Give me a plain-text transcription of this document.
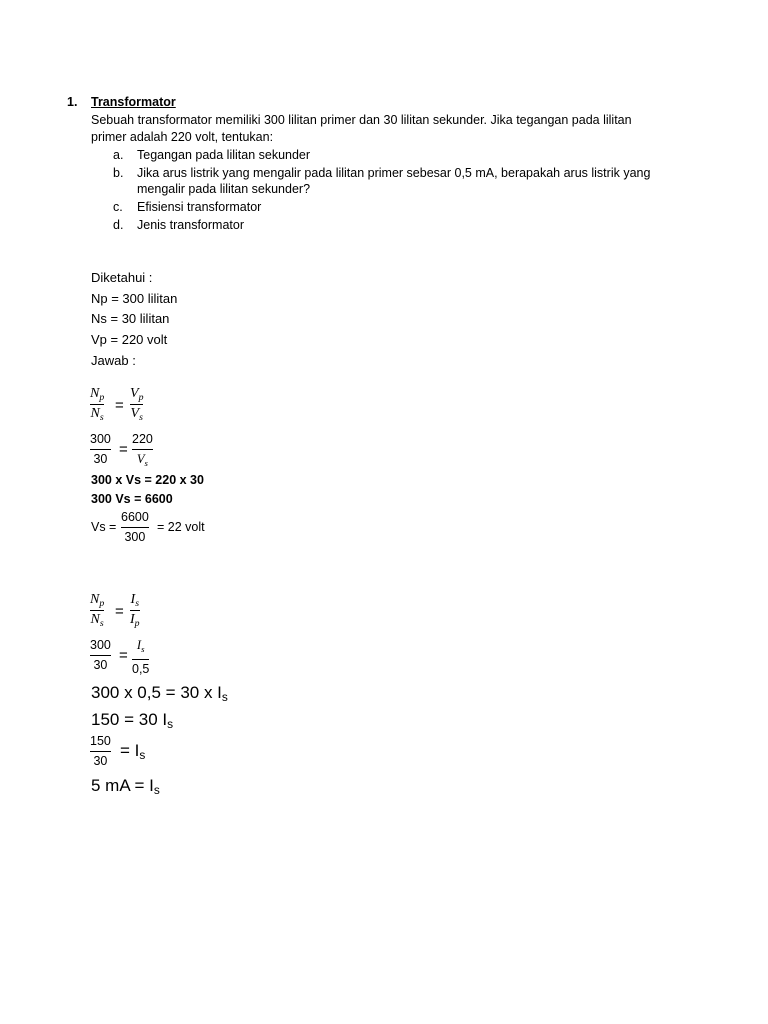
1. Transformator
Sebuah transformator memiliki 300 lilitan primer dan 30 lilitan sekunder. Jika tegangan pada lilitan
primer adalah 220 volt, tentukan:
a. Tegangan pada lilitan sekunder
b. Jika arus listrik yang mengalir pada lilitan primer sebesar 0,5 mA, berapakah arus listrik yang
mengalir pada lilitan sekunder?
c. Efisiensi transformator
d. Jenis transformator
Diketahui :
Np = 300 lilitan
Ns = 30 lilitan
Vp = 220 volt
Jawab :
$N_p$
$N_s$
=
$V_p$
$V_s$
300
30
=
220
$V_s$
300 x Vs = 220 x 30
300 Vs = 6600
Vs =
6600
300
= 22 volt
$N_p$
$N_s$
=
$I_s$
$I_p$
300
30
=
$I_s$
0,5
300 x 0,5 = 30 x $I_s$
150 = 30 $I_s$
150
30
= $I_s$
5 mA = $I_s$
